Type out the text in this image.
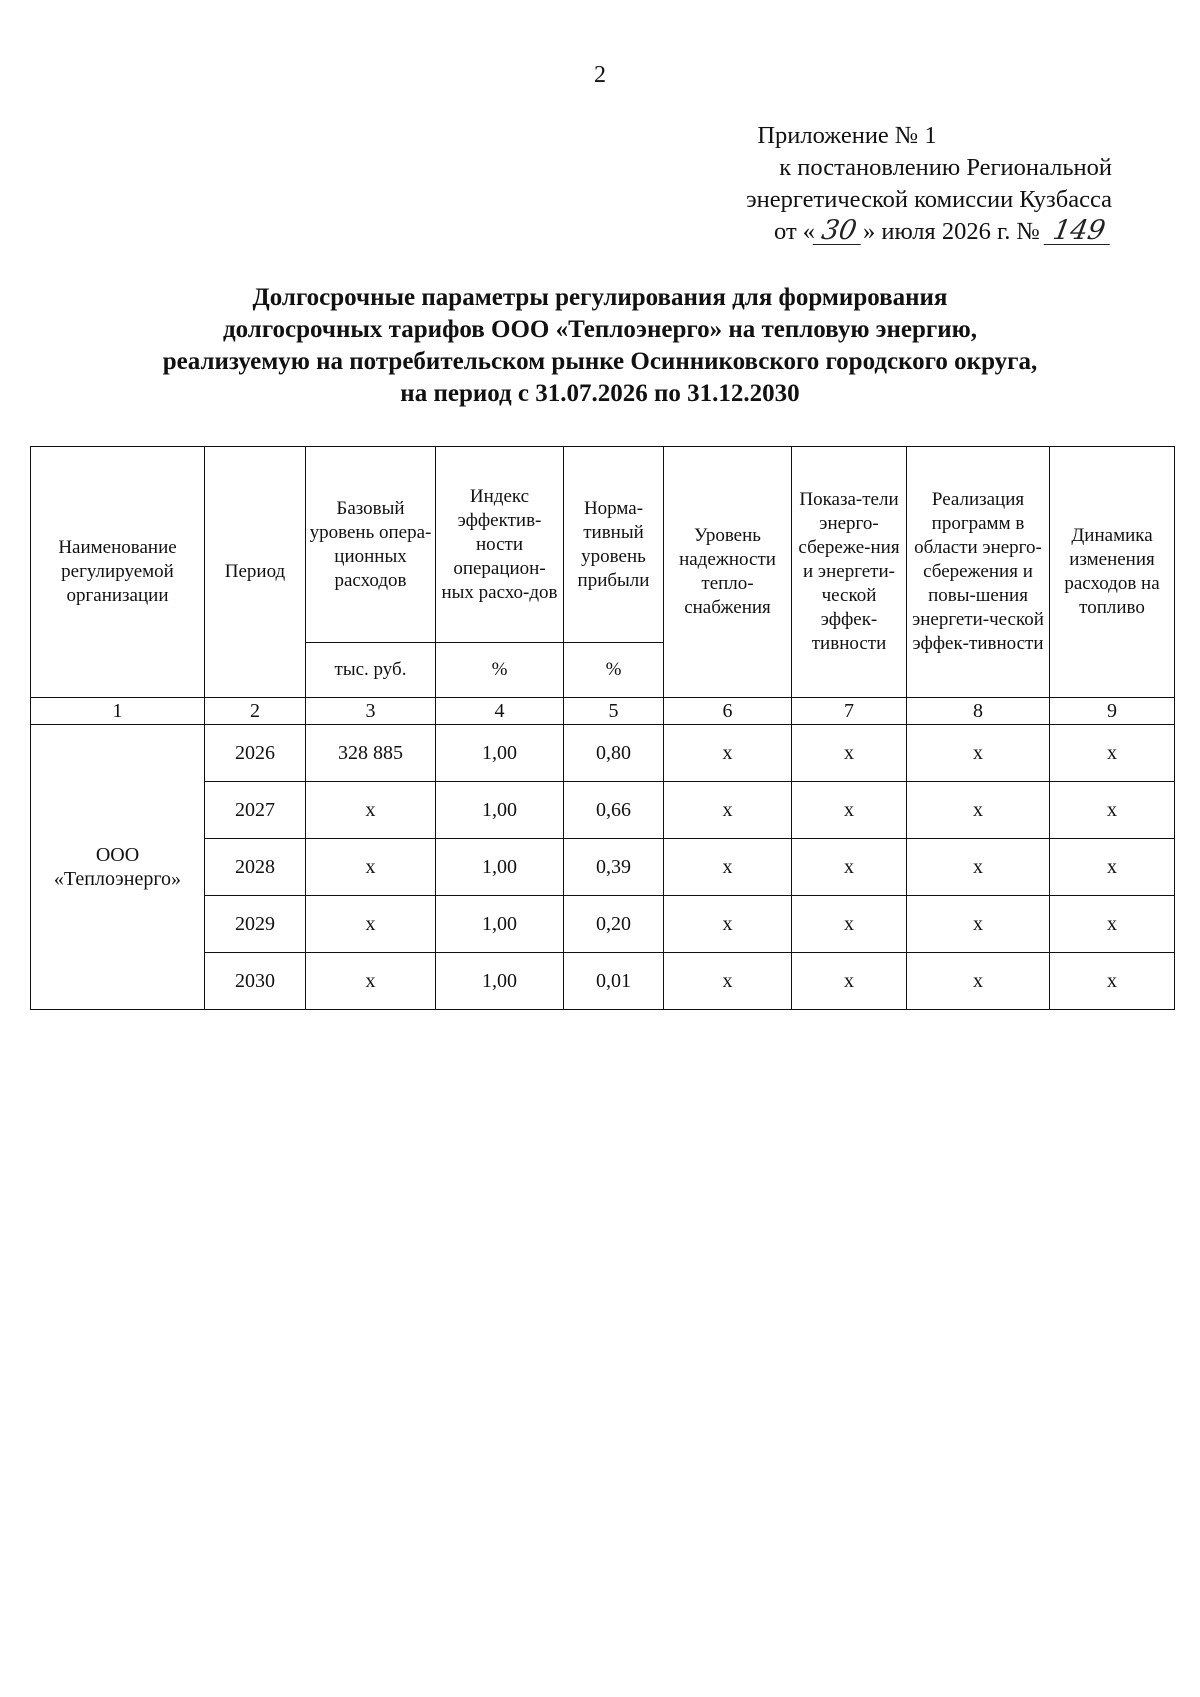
2
Приложение № 1
к постановлению Региональной
энергетической комиссии Кузбасса
от « 30 » июля 2026 г. № 149
Долгосрочные параметры регулирования для формирования
долгосрочных тарифов ООО «Теплоэнерго» на тепловую энергию,
реализуемую на потребительском рынке Осинниковского городского округа,
на период с 31.07.2026 по 31.12.2030
Наименование регулируемой организации	Период	Базовый уровень опера-ционных расходов	Индекс эффектив-ности операцион-ных расхо-дов	Норма-тивный уровень прибыли	Уровень надежности тепло-снабжения	Показа-тели энерго-сбереже-ния и энергети-ческой эффек-тивности	Реализация программ в области энерго-сбережения и повы-шения энергети-ческой эффек-тивности	Динамика изменения расходов на топливо
		тыс. руб.	%	%				
1	2	3	4	5	6	7	8	9
ООО «Теплоэнерго»	2026	328 885	1,00	0,80	х	х	х	х
	2027	х	1,00	0,66	х	х	х	х
	2028	х	1,00	0,39	х	х	х	х
	2029	х	1,00	0,20	х	х	х	х
	2030	х	1,00	0,01	х	х	х	х
